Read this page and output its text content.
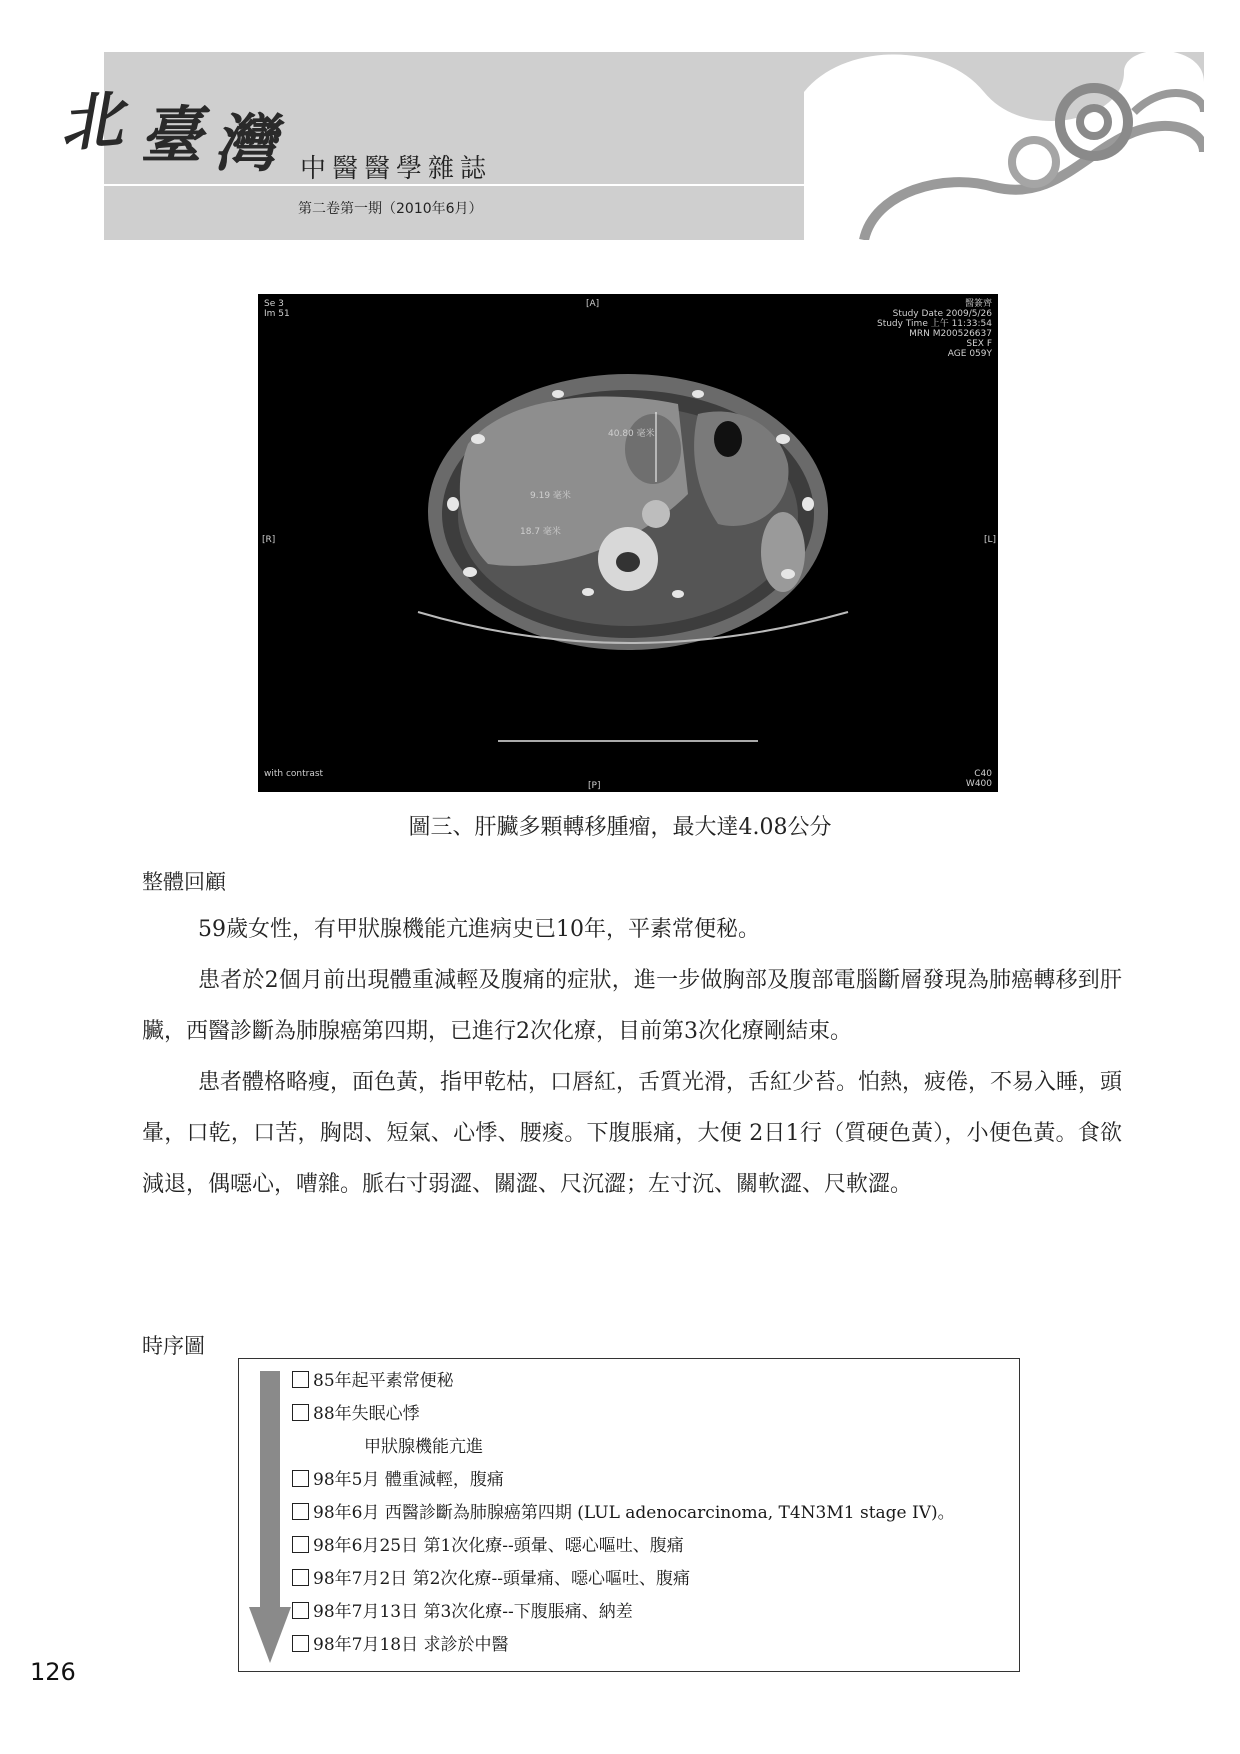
北 臺 灣 中醫醫學雜誌
第二卷第一期（2010年6月）
Se 3
Im 51
[A]	醫簽齊
Study Date 2009/5/26
Study Time 上午 11:33:54
MRN M200526637
SEX F
AGE 059Y
[R]	[L]
with contrast
[P]
C40
W400
40.80 毫米
9.19 毫米
18.7 毫米
圖三、肝臟多顆轉移腫瘤，最大達4.08公分
整體回顧

59歲女性，有甲狀腺機能亢進病史已10年，平素常便秘。

患者於2個月前出現體重減輕及腹痛的症狀，進一步做胸部及腹部電腦斷層發現為肺癌轉移到肝臟，西醫診斷為肺腺癌第四期，已進行2次化療，目前第3次化療剛結束。

患者體格略瘦，面色黃，指甲乾枯，口唇紅，舌質光滑，舌紅少苔。怕熱，疲倦，不易入睡，頭暈，口乾，口苦，胸悶、短氣、心悸、腰痠。下腹脹痛，大便 2日1行（質硬色黃），小便色黃。食欲減退，偶噁心，嘈雜。脈右寸弱澀、關澀、尺沉澀；左寸沉、關軟澀、尺軟澀。

時序圖
85年起平素常便秘
88年失眠心悸
甲狀腺機能亢進
98年5月 體重減輕，腹痛
98年6月 西醫診斷為肺腺癌第四期 (LUL adenocarcinoma, T4N3M1 stage IV)。
98年6月25日 第1次化療--頭暈、噁心嘔吐、腹痛
98年7月2日 第2次化療--頭暈痛、噁心嘔吐、腹痛
98年7月13日 第3次化療--下腹脹痛、納差
98年7月18日 求診於中醫
126
